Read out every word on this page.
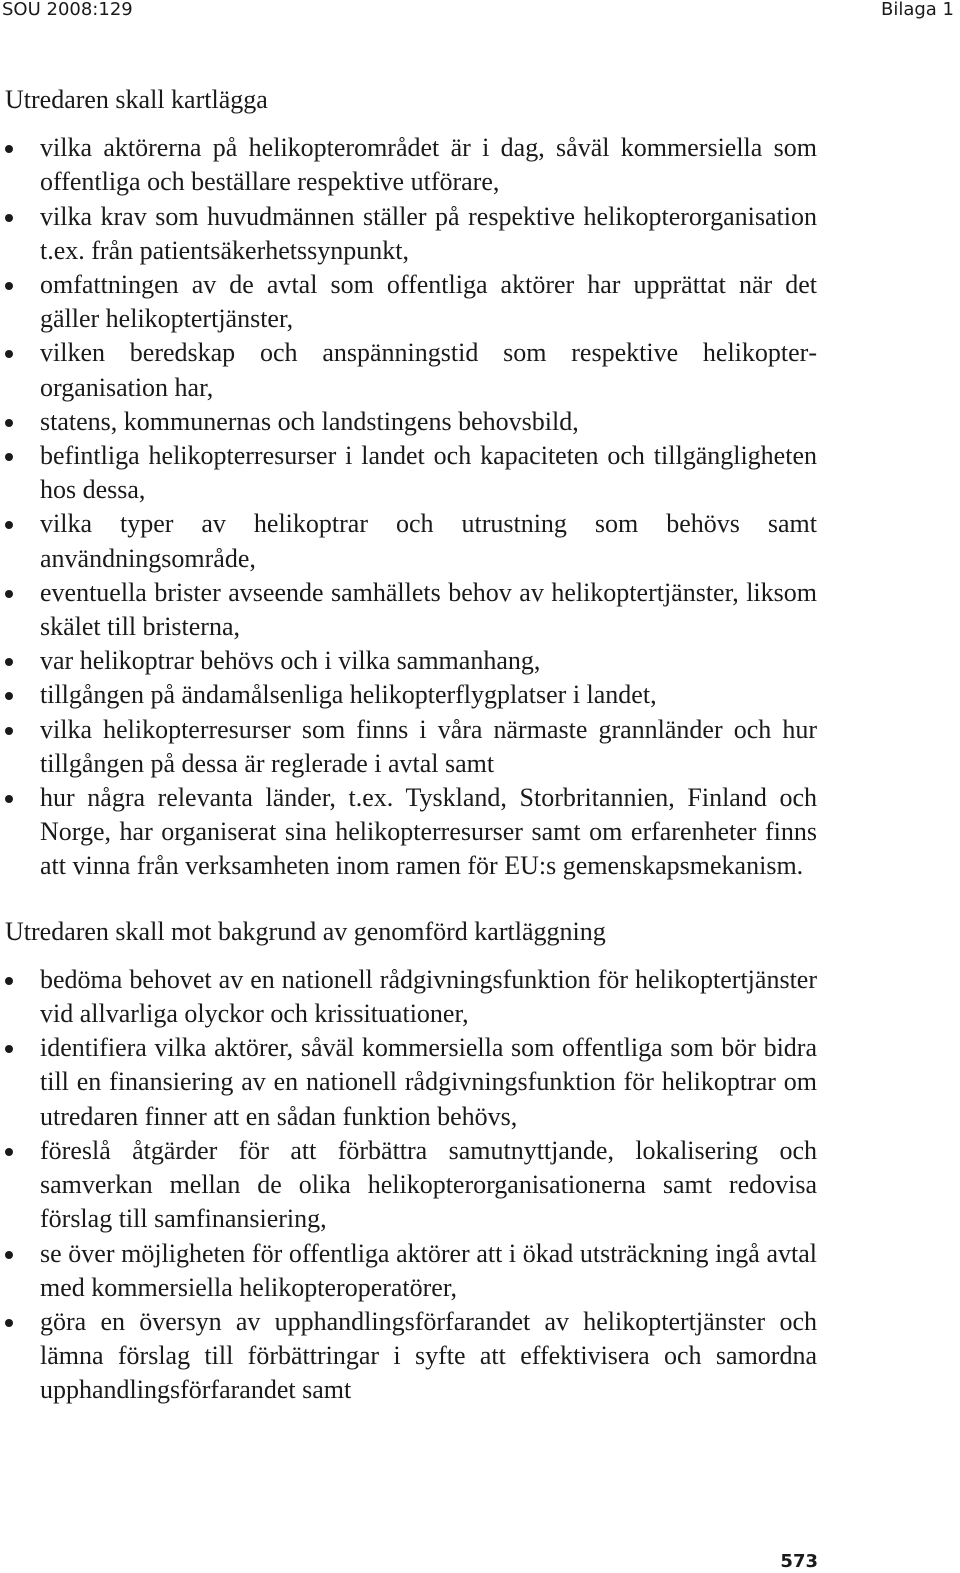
SOU 2008:129	Bilaga 1

Utredaren skall kartlägga

vilka aktörerna på helikopterområdet är i dag, såväl kommersiella som offentliga och beställare respektive utförare,
vilka krav som huvudmännen ställer på respektive helikopterorganisation t.ex. från patientsäkerhetssynpunkt,
omfattningen av de avtal som offentliga aktörer har upprättat när det gäller helikoptertjänster,
vilken beredskap och anspänningstid som respektive helikopterorganisation har,
statens, kommunernas och landstingens behovsbild,
befintliga helikopterresurser i landet och kapaciteten och tillgängligheten hos dessa,
vilka typer av helikoptrar och utrustning som behövs samt användningsområde,
eventuella brister avseende samhällets behov av helikoptertjänster, liksom skälet till bristerna,
var helikoptrar behövs och i vilka sammanhang,
tillgången på ändamålsenliga helikopterflygplatser i landet,
vilka helikopterresurser som finns i våra närmaste grannländer och hur tillgången på dessa är reglerade i avtal samt
hur några relevanta länder, t.ex. Tyskland, Storbritannien, Finland och Norge, har organiserat sina helikopterresurser samt om erfarenheter finns att vinna från verksamheten inom ramen för EU:s gemenskapsmekanism.

Utredaren skall mot bakgrund av genomförd kartläggning

bedöma behovet av en nationell rådgivningsfunktion för helikoptertjänster vid allvarliga olyckor och krissituationer,
identifiera vilka aktörer, såväl kommersiella som offentliga som bör bidra till en finansiering av en nationell rådgivningsfunktion för helikoptrar om utredaren finner att en sådan funktion behövs,
föreslå åtgärder för att förbättra samutnyttjande, lokalisering och samverkan mellan de olika helikopterorganisationerna samt redovisa förslag till samfinansiering,
se över möjligheten för offentliga aktörer att i ökad utsträckning ingå avtal med kommersiella helikopteroperatörer,
göra en översyn av upphandlingsförfarandet av helikoptertjänster och lämna förslag till förbättringar i syfte att effektivisera och samordna upphandlingsförfarandet samt
573
